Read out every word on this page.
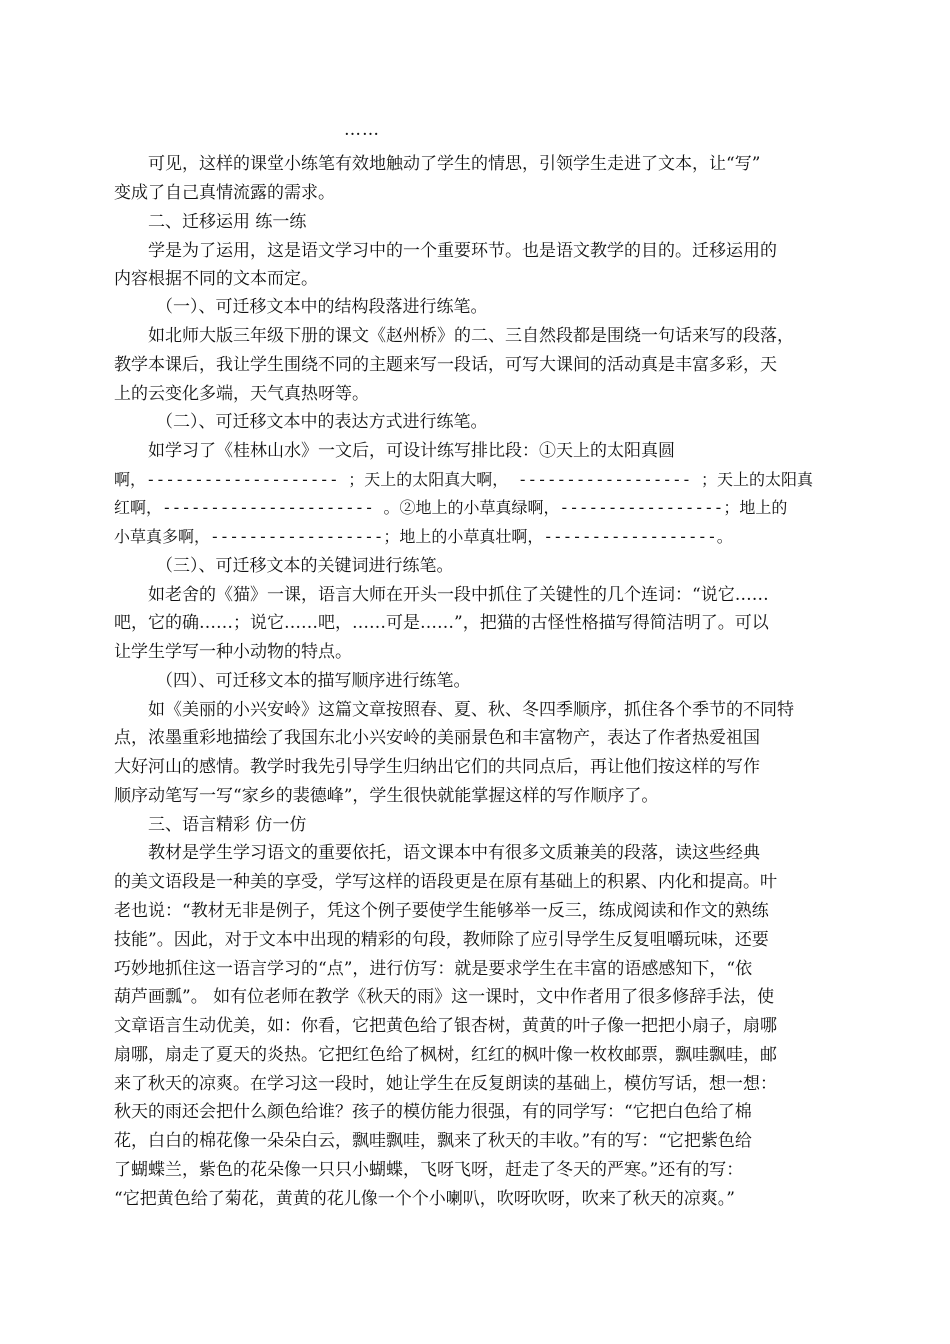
……
可见，这样的课堂小练笔有效地触动了学生的情思，引领学生走进了文本，让“写”
变成了自己真情流露的需求。
二、迁移运用 练一练
学是为了运用，这是语文学习中的一个重要环节。也是语文教学的目的。迁移运用的
内容根据不同的文本而定。
（一）、可迁移文本中的结构段落进行练笔。
如北师大版三年级下册的课文《赵州桥》的二、三自然段都是围绕一句话来写的段落，
教学本课后，我让学生围绕不同的主题来写一段话，可写大课间的活动真是丰富多彩，天
上的云变化多端，天气真热呀等。
（二）、可迁移文本中的表达方式进行练笔。
如学习了《桂林山水》一文后，可设计练写排比段：①天上的太阳真圆
啊，-------------------- ；天上的太阳真大啊， ------------------ ；天上的太阳真
红啊，---------------------- 。②地上的小草真绿啊，-----------------；地上的
小草真多啊，------------------；地上的小草真壮啊，------------------。
（三）、可迁移文本的关键词进行练笔。
如老舍的《猫》一课，语言大师在开头一段中抓住了关键性的几个连词：“说它……
吧，它的确……；说它……吧，……可是……”，把猫的古怪性格描写得简洁明了。可以
让学生学写一种小动物的特点。
（四）、可迁移文本的描写顺序进行练笔。
如《美丽的小兴安岭》这篇文章按照春、夏、秋、冬四季顺序，抓住各个季节的不同特
点，浓墨重彩地描绘了我国东北小兴安岭的美丽景色和丰富物产，表达了作者热爱祖国
大好河山的感情。教学时我先引导学生归纳出它们的共同点后，再让他们按这样的写作
顺序动笔写一写“家乡的裴德峰”，学生很快就能掌握这样的写作顺序了。
三、语言精彩 仿一仿
教材是学生学习语文的重要依托，语文课本中有很多文质兼美的段落，读这些经典
的美文语段是一种美的享受，学写这样的语段更是在原有基础上的积累、内化和提高。叶
老也说：“教材无非是例子，凭这个例子要使学生能够举一反三，练成阅读和作文的熟练
技能”。因此，对于文本中出现的精彩的句段，教师除了应引导学生反复咀嚼玩味，还要
巧妙地抓住这一语言学习的“点”，进行仿写：就是要求学生在丰富的语感感知下，“依
葫芦画瓢”。 如有位老师在教学《秋天的雨》这一课时，文中作者用了很多修辞手法，使
文章语言生动优美，如：你看，它把黄色给了银杏树，黄黄的叶子像一把把小扇子，扇哪
扇哪，扇走了夏天的炎热。它把红色给了枫树，红红的枫叶像一枚枚邮票，飘哇飘哇，邮
来了秋天的凉爽。在学习这一段时，她让学生在反复朗读的基础上，模仿写话，想一想：
秋天的雨还会把什么颜色给谁？孩子的模仿能力很强，有的同学写：“它把白色给了棉
花，白白的棉花像一朵朵白云，飘哇飘哇，飘来了秋天的丰收。”有的写：“它把紫色给
了蝴蝶兰，紫色的花朵像一只只小蝴蝶，飞呀飞呀，赶走了冬天的严寒。”还有的写：
“它把黄色给了菊花，黄黄的花儿像一个个小喇叭，吹呀吹呀，吹来了秋天的凉爽。”
